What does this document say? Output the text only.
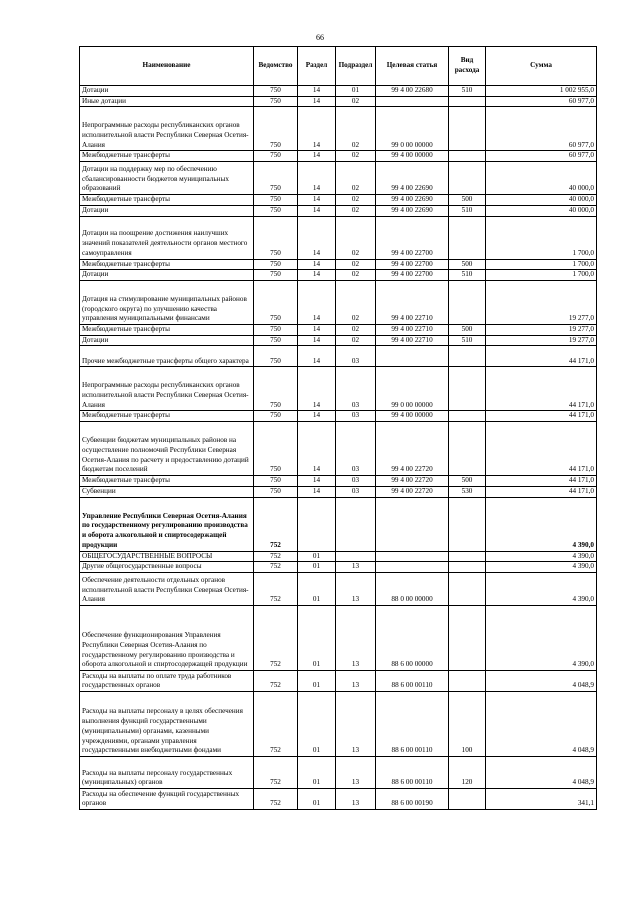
66
Наименование	Ведомство	Раздел	Подраздел	Целевая статья	Вид расхода	Сумма
Дотации	750	14	01	99 4 00 22680	510	1 002 955,0
Иные дотации	750	14	02			60 977,0
Непрограммные расходы республиканских органов исполнительной власти Республики Северная Осетия-Алания	750	14	02	99 0 00 00000		60 977,0
Межбюджетные трансферты	750	14	02	99 4 00 00000		60 977,0
Дотации на поддержку мер по обеспечению сбалансированности бюджетов муниципальных образований	750	14	02	99 4 00 22690		40 000,0
Межбюджетные трансферты	750	14	02	99 4 00 22690	500	40 000,0
Дотации	750	14	02	99 4 00 22690	510	40 000,0
Дотации на поощрение достижения наилучших значений показателей деятельности органов местного самоуправления	750	14	02	99 4 00 22700		1 700,0
Межбюджетные трансферты	750	14	02	99 4 00 22700	500	1 700,0
Дотации	750	14	02	99 4 00 22700	510	1 700,0
Дотация на стимулирование муниципальных районов (городского округа) по улучшению качества управления муниципальными финансами	750	14	02	99 4 00 22710		19 277,0
Межбюджетные трансферты	750	14	02	99 4 00 22710	500	19 277,0
Дотации	750	14	02	99 4 00 22710	510	19 277,0
Прочие межбюджетные трансферты общего характера	750	14	03			44 171,0
Непрограммные расходы республиканских органов исполнительной власти Республики Северная Осетия-Алания	750	14	03	99 0 00 00000		44 171,0
Межбюджетные трансферты	750	14	03	99 4 00 00000		44 171,0
Субвенции бюджетам муниципальных районов на осуществление полномочий Республики Северная Осетия-Алания по расчету и предоставлению дотаций бюджетам поселений	750	14	03	99 4 00 22720		44 171,0
Межбюджетные трансферты	750	14	03	99 4 00 22720	500	44 171,0
Субвенции	750	14	03	99 4 00 22720	530	44 171,0
Управление Республики Северная Осетия-Алания по государственному регулированию производства и оборота алкогольной и спиртосодержащей продукции	752					4 390,0
ОБЩЕГОСУДАРСТВЕННЫЕ ВОПРОСЫ	752	01				4 390,0
Другие общегосударственные вопросы	752	01	13			4 390,0
Обеспечение деятельности отдельных органов исполнительной власти Республики Северная Осетия-Алания	752	01	13	88 0 00 00000		4 390,0
Обеспечение функционирования Управления Республики Северная Осетия-Алания по государственному регулированию производства и оборота алкогольной и спиртосодержащей продукции	752	01	13	88 6 00 00000		4 390,0
Расходы на выплаты по оплате труда работников государственных органов	752	01	13	88 6 00 00110		4 048,9
Расходы на выплаты персоналу в целях обеспечения выполнения функций государственными (муниципальными) органами, казенными учреждениями, органами управления государственными внебюджетными фондами	752	01	13	88 6 00 00110	100	4 048,9
Расходы на выплаты персоналу государственных (муниципальных) органов	752	01	13	88 6 00 00110	120	4 048,9
Расходы на обеспечение функций государственных органов	752	01	13	88 6 00 00190		341,1
